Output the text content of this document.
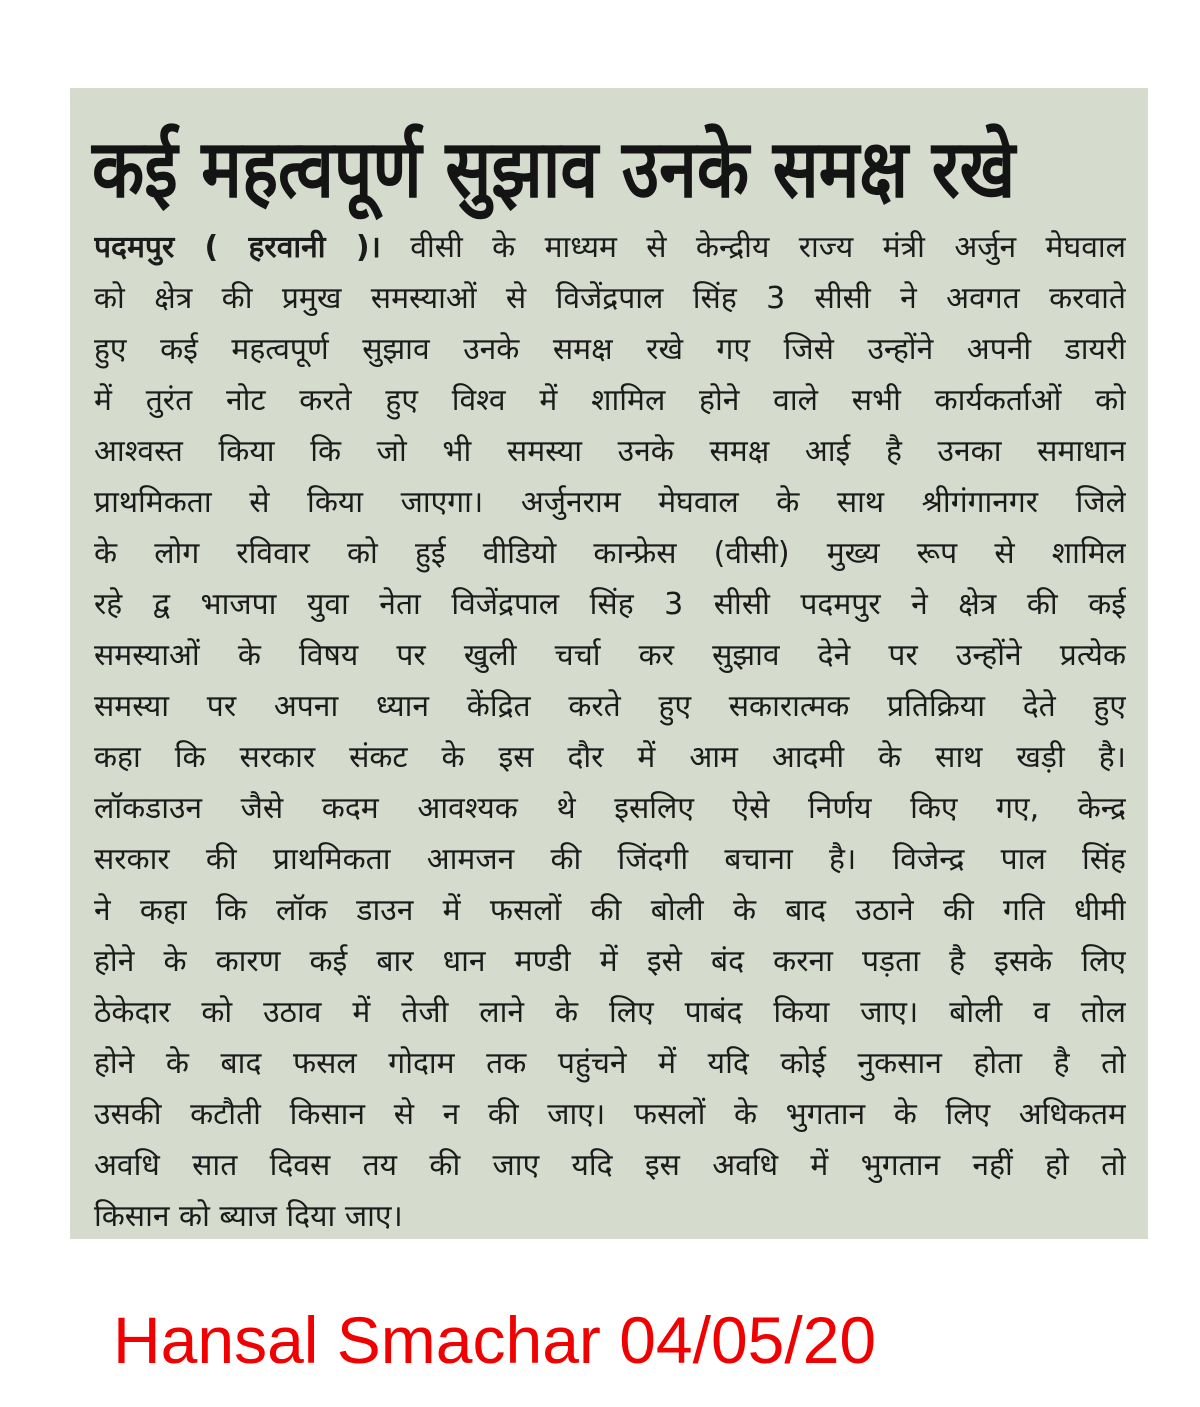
कई महत्वपूर्ण सुझाव उनके समक्ष रखे
पदमपुर ( हरवानी )। वीसी के माध्यम से केन्द्रीय राज्य मंत्री अर्जुन मेघवाल
को क्षेत्र की प्रमुख समस्याओं से विजेंद्रपाल सिंह 3 सीसी ने अवगत करवाते
हुए कई महत्वपूर्ण सुझाव उनके समक्ष रखे गए जिसे उन्होंने अपनी डायरी
में तुरंत नोट करते हुए विश्व में शामिल होने वाले सभी कार्यकर्ताओं को
आश्वस्त किया कि जो भी समस्या उनके समक्ष आई है उनका समाधान
प्राथमिकता से किया जाएगा। अर्जुनराम मेघवाल के साथ श्रीगंगानगर जिले
के लोग रविवार को हुई वीडियो कान्फ्रेस (वीसी) मुख्य रूप से शामिल
रहे द्व भाजपा युवा नेता विजेंद्रपाल सिंह 3 सीसी पदमपुर ने क्षेत्र की कई
समस्याओं के विषय पर खुली चर्चा कर सुझाव देने पर उन्होंने प्रत्येक
समस्या पर अपना ध्यान केंद्रित करते हुए सकारात्मक प्रतिक्रिया देते हुए
कहा कि सरकार संकट के इस दौर में आम आदमी के साथ खड़ी है।
लॉकडाउन जैसे कदम आवश्यक थे इसलिए ऐसे निर्णय किए गए, केन्द्र
सरकार की प्राथमिकता आमजन की जिंदगी बचाना है। विजेन्द्र पाल सिंह
ने कहा कि लॉक डाउन में फसलों की बोली के बाद उठाने की गति धीमी
होने के कारण कई बार धान मण्डी में इसे बंद करना पड़ता है इसके लिए
ठेकेदार को उठाव में तेजी लाने के लिए पाबंद किया जाए। बोली व तोल
होने के बाद फसल गोदाम तक पहुंचने में यदि कोई नुकसान होता है तो
उसकी कटौती किसान से न की जाए। फसलों के भुगतान के लिए अधिकतम
अवधि सात दिवस तय की जाए यदि इस अवधि में भुगतान नहीं हो तो
किसान को ब्याज दिया जाए।

Hansal Smachar 04/05/20
